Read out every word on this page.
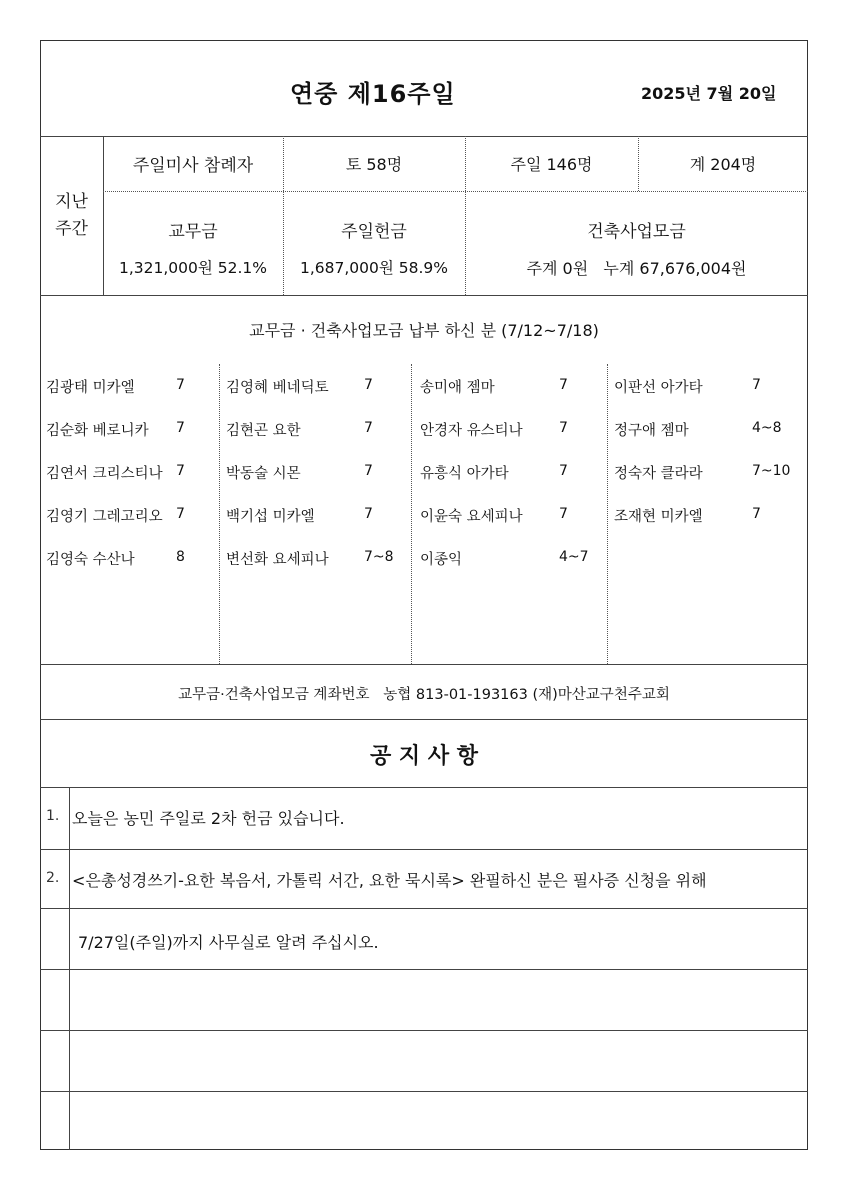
연중 제16주일	2025년 7월 20일
지난
주간
주일미사 참례자	토 58명	주일 146명	계 204명
교무금
1,321,000원 52.1%
주일헌금
1,687,000원 58.9%
건축사업모금
주계 0원   누계 67,676,004원
교무금 · 건축사업모금 납부 하신 분 (7/12~7/18)
김광태 미카엘	7
김순화 베로니카 7
김연서 크리스티나 7
김영기 그레고리오 7
김영숙 수산나	8
김영혜 베네딕토	7
김현곤 요한	7
박동술 시몬	7
백기섭 미카엘	7
변선화 요세피나	7~8
송미애 젬마	7
안경자 유스티나	7
유흥식 아가타	7
이윤숙 요세피나	7
이종익	4~7
이판선 아가타	7
정구애 젬마	4~8
정숙자 클라라	7~10
조재현 미카엘	7
교무금·건축사업모금 계좌번호   농협 813-01-193163 (재)마산교구천주교회
공 지 사 항
1. 오늘은 농민 주일로 2차 헌금 있습니다.
2. <은총성경쓰기-요한 복음서, 가톨릭 서간, 요한 묵시록> 완필하신 분은 필사증 신청을 위해
7/27일(주일)까지 사무실로 알려 주십시오.
